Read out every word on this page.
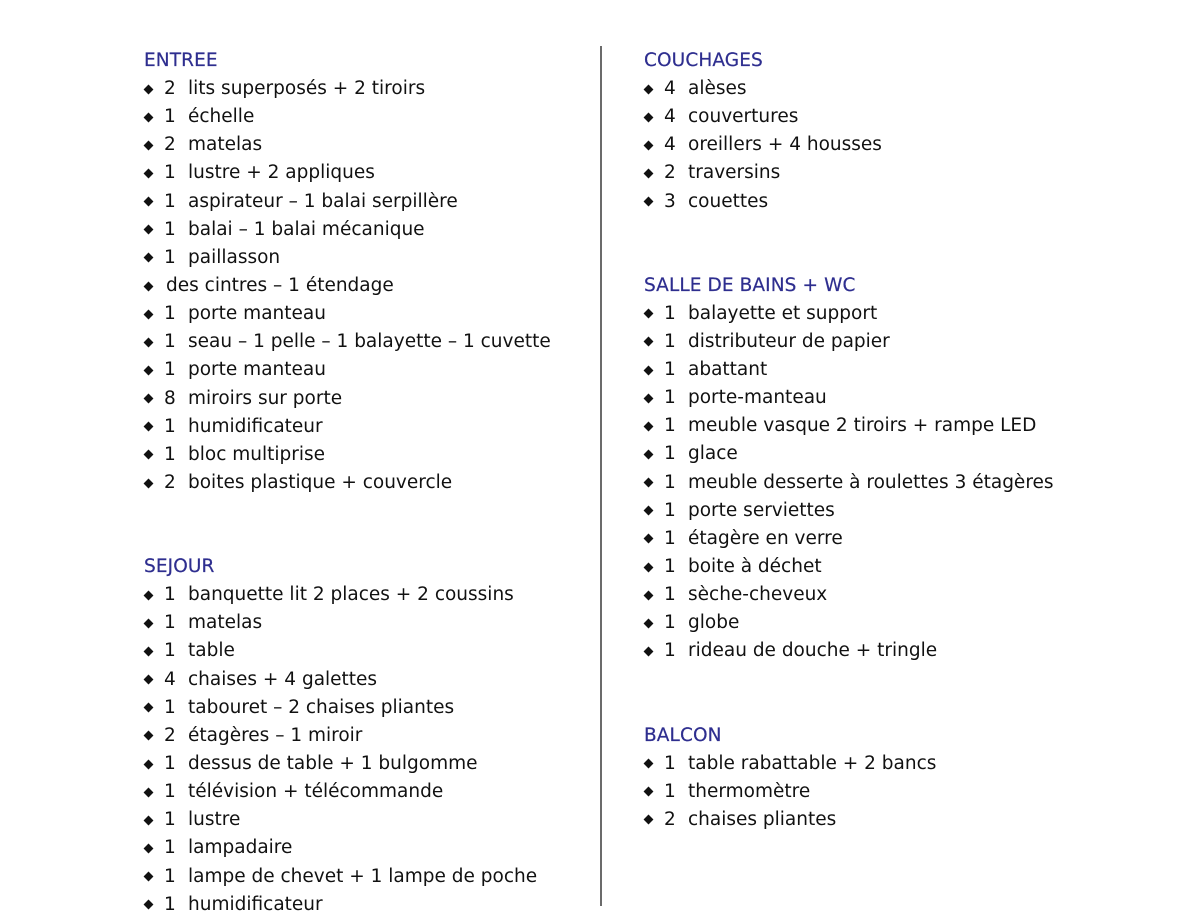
ENTREE
2 lits superposés + 2 tiroirs
1 échelle
2 matelas
1 lustre + 2 appliques
1 aspirateur – 1 balai serpillère
1 balai – 1 balai mécanique
1 paillasson
des cintres – 1 étendage
1 porte manteau
1 seau – 1 pelle – 1 balayette – 1 cuvette
1 porte manteau
8 miroirs sur porte
1 humidificateur
1 bloc multiprise
2 boites plastique + couvercle
SEJOUR
1 banquette lit 2 places + 2 coussins
1 matelas
1 table
4 chaises + 4 galettes
1 tabouret – 2 chaises pliantes
2 étagères – 1 miroir
1 dessus de table + 1 bulgomme
1 télévision + télécommande
1 lustre
1 lampadaire
1 lampe de chevet + 1 lampe de poche
1 humidificateur
COUCHAGES
4 alèses
4 couvertures
4 oreillers + 4 housses
2 traversins
3 couettes
SALLE DE BAINS + WC
1 balayette et support
1 distributeur de papier
1 abattant
1 porte-manteau
1 meuble vasque 2 tiroirs + rampe LED
1 glace
1 meuble desserte à roulettes 3 étagères
1 porte serviettes
1 étagère en verre
1 boite à déchet
1 sèche-cheveux
1 globe
1 rideau de douche + tringle
BALCON
1 table rabattable + 2 bancs
1 thermomètre
2 chaises pliantes
